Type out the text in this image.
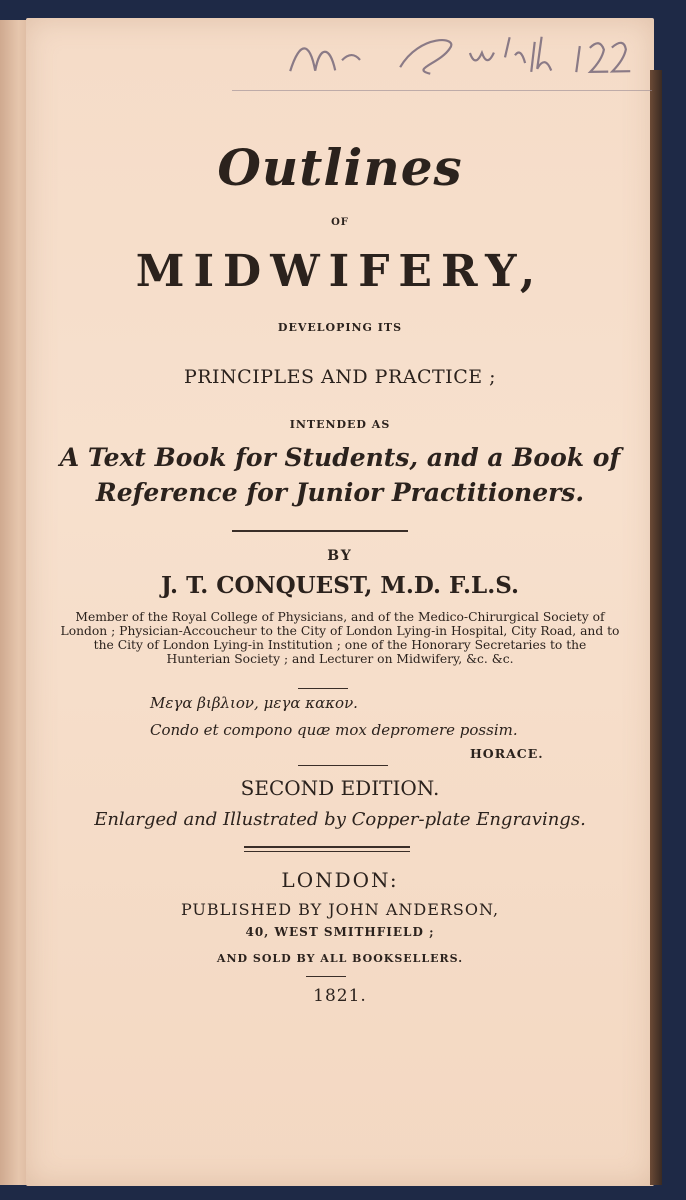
Outlines
OF
MIDWIFERY,
DEVELOPING ITS
PRINCIPLES AND PRACTICE ;
INTENDED AS
A Text Book for Students, and a Book of
Reference for Junior Practitioners.
BY
J. T. CONQUEST, M.D. F.L.S.
Member of the Royal College of Physicians, and of the Medico-Chirurgical Society of London ; Physician-Accoucheur to the City of London Lying-in Hospital, City Road, and to the City of London Lying-in Institution ; one of the Honorary Secretaries to the Hunterian Society ; and Lecturer on Midwifery, &c. &c.
Μεγα βιβλιον, μεγα κακον.
Condo et compono quæ mox depromere possim.
HORACE.
SECOND EDITION.
Enlarged and Illustrated by Copper-plate Engravings.
LONDON:
PUBLISHED BY JOHN ANDERSON,
40, WEST SMITHFIELD ;
AND SOLD BY ALL BOOKSELLERS.
1821.
